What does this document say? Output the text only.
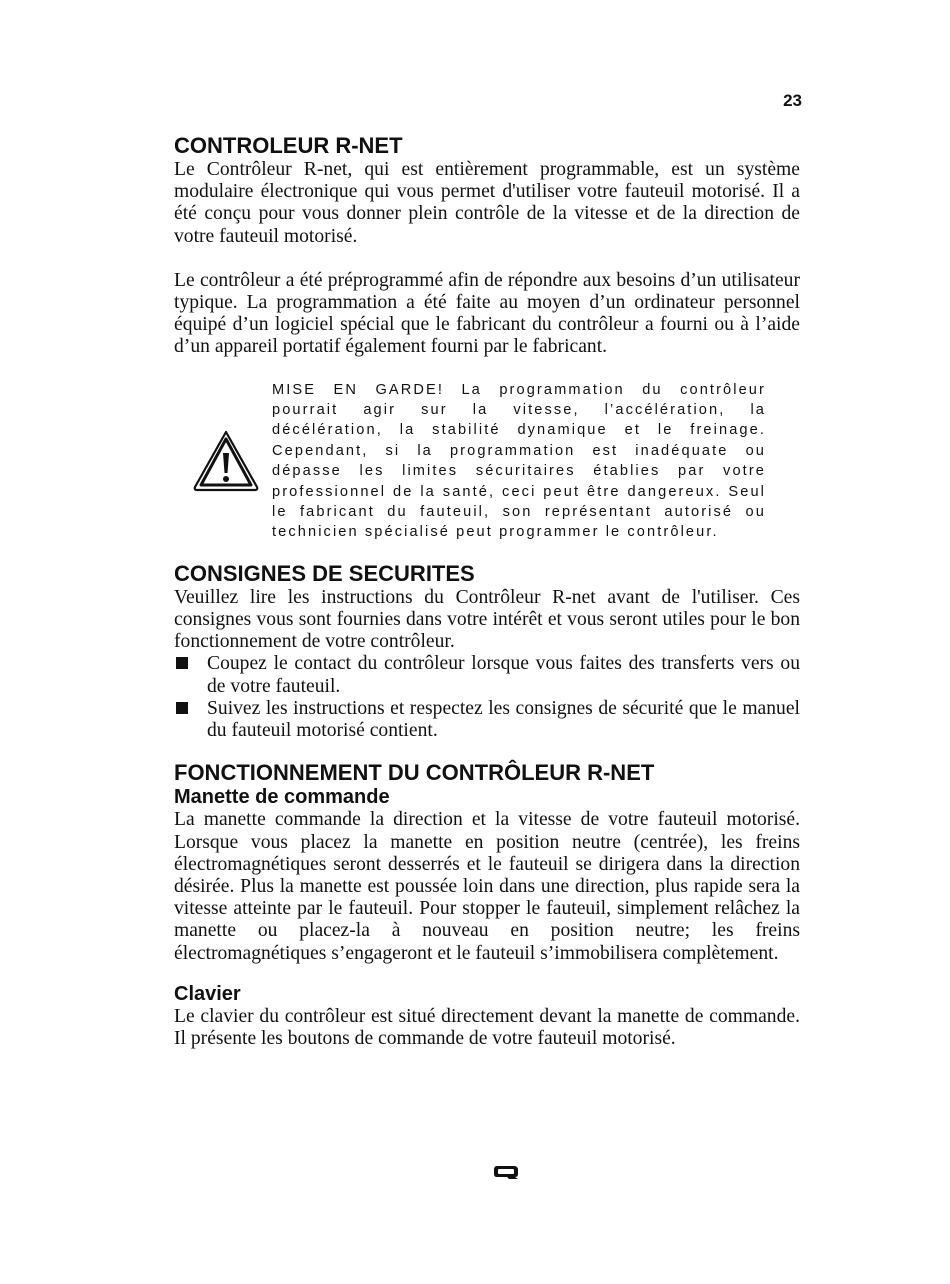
23
CONTROLEUR R-NET

Le Contrôleur R-net, qui est entièrement programmable, est un système modulaire électronique qui vous permet d'utiliser votre fauteuil motorisé. Il a été conçu pour vous donner plein contrôle de la vitesse et de la direction de votre fauteuil motorisé.

Le contrôleur a été préprogrammé afin de répondre aux besoins d’un utilisateur typique. La programmation a été faite au moyen d’un ordinateur personnel équipé d’un logiciel spécial que le fabricant du contrôleur a fourni ou à l’aide d’un appareil portatif également fourni par le fabricant.

MISE EN GARDE! La programmation du contrôleur pourrait agir sur la vitesse, l’accélération, la décélération, la stabilité dynamique et le freinage. Cependant, si la programmation est inadéquate ou dépasse les limites sécuritaires établies par votre professionnel de la santé, ceci peut être dangereux. Seul le fabricant du fauteuil, son représentant autorisé ou technicien spécialisé peut programmer le contrôleur.
CONSIGNES DE SECURITES

Veuillez lire les instructions du Contrôleur R-net avant de l'utiliser. Ces consignes vous sont fournies dans votre intérêt et vous seront utiles pour le bon fonctionnement de votre contrôleur.

Coupez le contact du contrôleur lorsque vous faites des transferts vers ou de votre fauteuil.
Suivez les instructions et respectez les consignes de sécurité que le manuel du fauteuil motorisé contient.
FONCTIONNEMENT DU CONTRÔLEUR R-NET
Manette de commande

La manette commande la direction et la vitesse de votre fauteuil motorisé. Lorsque vous placez la manette en position neutre (centrée), les freins électromagnétiques seront desserrés et le fauteuil se dirigera dans la direction désirée. Plus la manette est poussée loin dans une direction, plus rapide sera la vitesse atteinte par le fauteuil. Pour stopper le fauteuil, simplement relâchez la manette ou placez-la à nouveau en position neutre; les freins électromagnétiques s’engageront et le fauteuil s’immobilisera complètement.

Clavier

Le clavier du contrôleur est situé directement devant la manette de commande. Il présente les boutons de commande de votre fauteuil motorisé.
